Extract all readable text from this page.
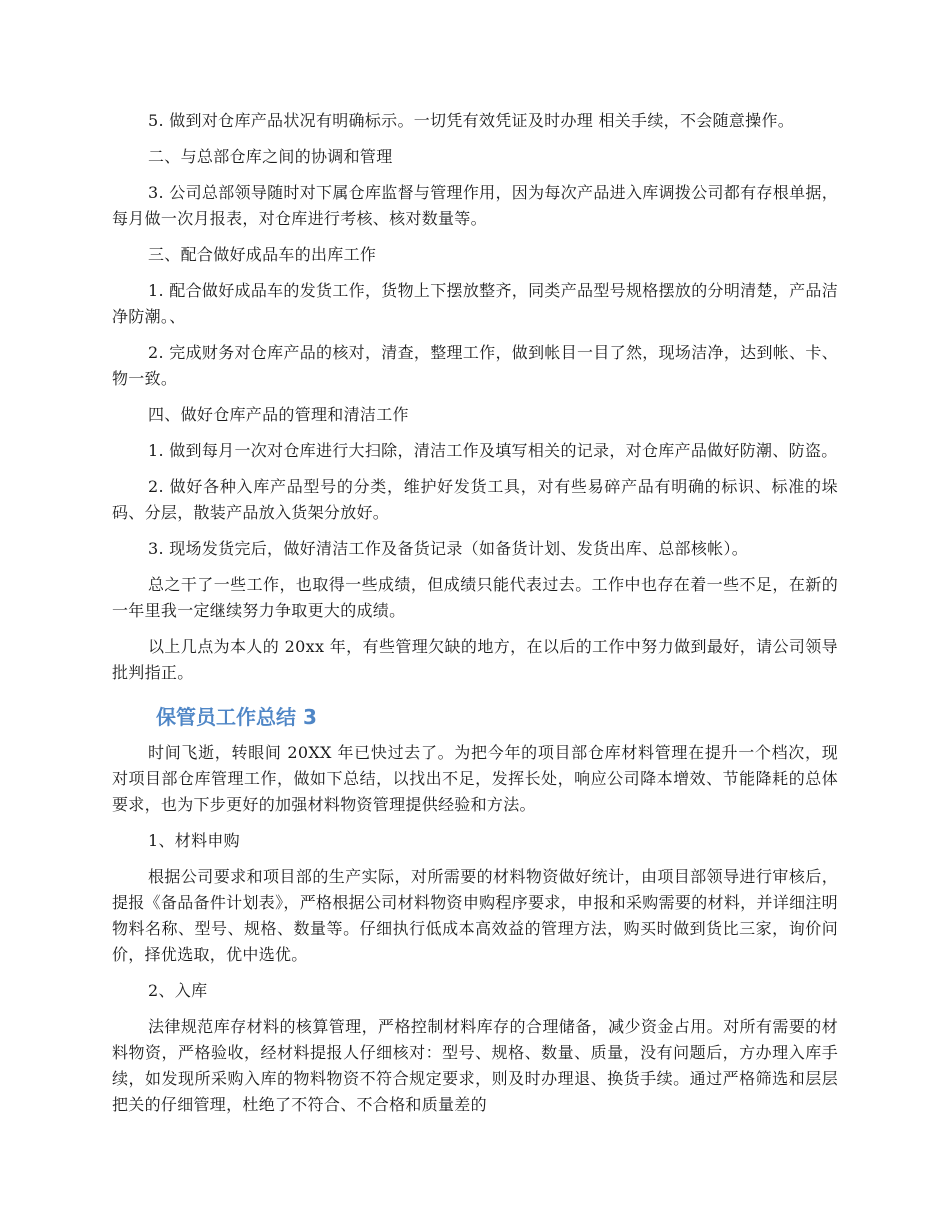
5. 做到对仓库产品状况有明确标示。一切凭有效凭证及时办理 相关手续，不会随意操作。

二、与总部仓库之间的协调和管理

3. 公司总部领导随时对下属仓库监督与管理作用，因为每次产品进入库调拨公司都有存根单据，每月做一次月报表，对仓库进行考核、核对数量等。

三、配合做好成品车的出库工作

1. 配合做好成品车的发货工作，货物上下摆放整齐，同类产品型号规格摆放的分明清楚，产品洁净防潮。、

2. 完成财务对仓库产品的核对，清查，整理工作，做到帐目一目了然，现场洁净，达到帐、卡、物一致。

四、做好仓库产品的管理和清洁工作

1. 做到每月一次对仓库进行大扫除，清洁工作及填写相关的记录，对仓库产品做好防潮、防盗。

2. 做好各种入库产品型号的分类，维护好发货工具，对有些易碎产品有明确的标识、标准的垛码、分层，散装产品放入货架分放好。

3. 现场发货完后，做好清洁工作及备货记录（如备货计划、发货出库、总部核帐）。

总之干了一些工作，也取得一些成绩，但成绩只能代表过去。工作中也存在着一些不足，在新的一年里我一定继续努力争取更大的成绩。

以上几点为本人的 20xx 年，有些管理欠缺的地方，在以后的工作中努力做到最好，请公司领导批判指正。

保管员工作总结 3

时间飞逝，转眼间 20XX 年已快过去了。为把今年的项目部仓库材料管理在提升一个档次，现对项目部仓库管理工作，做如下总结，以找出不足，发挥长处，响应公司降本增效、节能降耗的总体要求，也为下步更好的加强材料物资管理提供经验和方法。

1、材料申购

根据公司要求和项目部的生产实际，对所需要的材料物资做好统计，由项目部领导进行审核后，提报《备品备件计划表》，严格根据公司材料物资申购程序要求，申报和采购需要的材料，并详细注明物料名称、型号、规格、数量等。仔细执行低成本高效益的管理方法，购买时做到货比三家，询价问价，择优选取，优中选优。

2、入库

法律规范库存材料的核算管理，严格控制材料库存的合理储备，减少资金占用。对所有需要的材料物资，严格验收，经材料提报人仔细核对：型号、规格、数量、质量，没有问题后，方办理入库手续，如发现所采购入库的物料物资不符合规定要求，则及时办理退、换货手续。通过严格筛选和层层把关的仔细管理，杜绝了不符合、不合格和质量差的
